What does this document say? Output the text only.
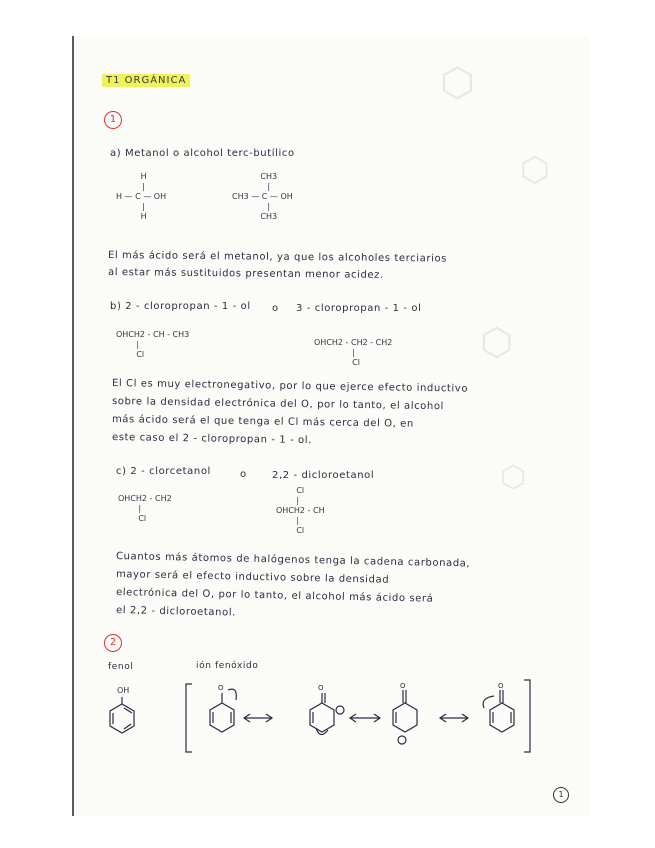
⬡
⬡
⬡
⬡
T1 ORGÁNICA
1
a) Metanol o alcohol terc-butílico
H
|
H — C — OH
|
H
CH3
|
CH3 — C — OH
|
CH3
El más ácido será el metanol, ya que los alcoholes terciarios
al estar más sustituidos presentan menor acidez.
b) 2 - cloropropan - 1 - ol o 3 - cloropropan - 1 - ol
OHCH2 - CH - CH3
|
Cl
OHCH2 - CH2 - CH2
|
Cl
El Cl es muy electronegativo, por lo que ejerce efecto inductivo
sobre la densidad electrónica del O, por lo tanto, el alcohol
más ácido será el que tenga el Cl más cerca del O, en
este caso el 2 - cloropropan - 1 - ol.
c) 2 - clorcetanol	o	2,2 - dicloroetanol
OHCH2 - CH2
|
Cl
Cl
|
OHCH2 - CH
|
Cl
Cuantos más átomos de halógenos tenga la cadena carbonada,
mayor será el efecto inductivo sobre la densidad
electrónica del O, por lo tanto, el alcohol más ácido será
el 2,2 - dicloroetanol.
2
fenol	ión fenóxido
OH	O	O	O	O
1
